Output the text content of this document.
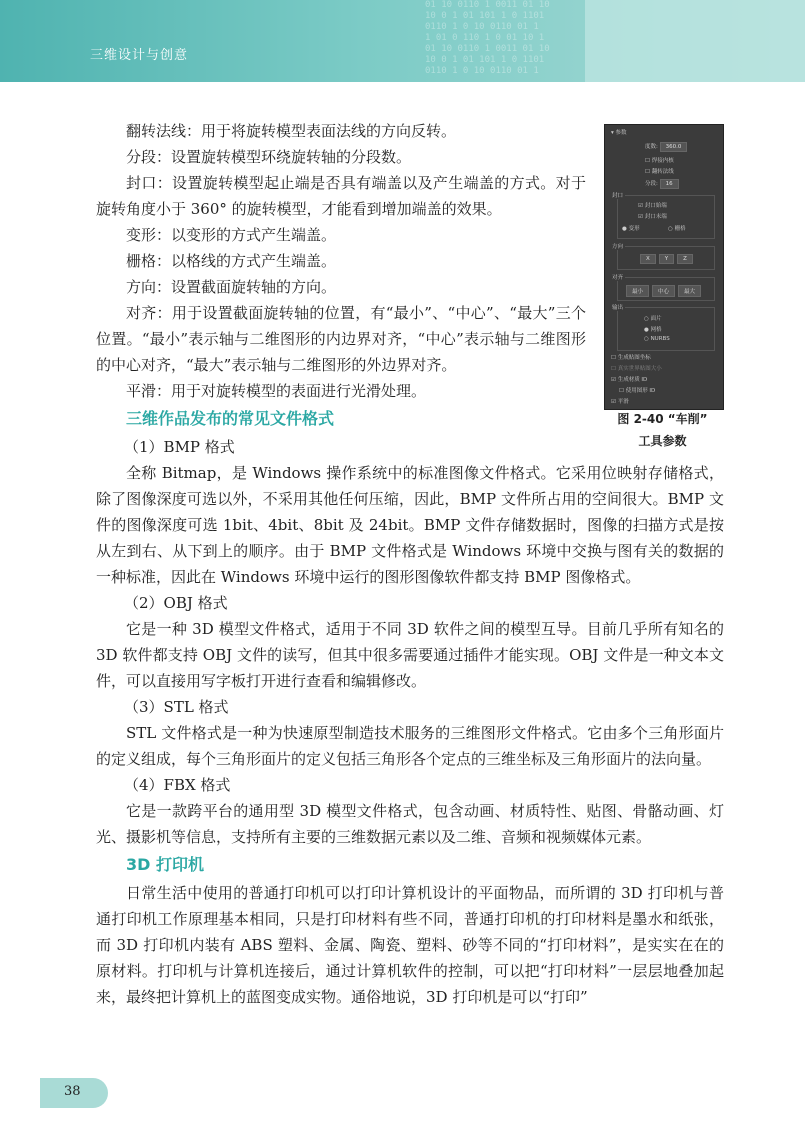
01 10 0110 1 0011 01 10
10 0 1 01 101 1 0 1101
0110 1 0 10 0110 01 1
1 01 0 110 1 0 01 10 1
01 10 0110 1 0011 01 10
10 0 1 01 101 1 0 1101
0110 1 0 10 0110 01 1
三维设计与创意
▾ 参数
度数: 360.0
☐ 焊接内核
☐ 翻转法线
分段: 16
封口
☑ 封口始端
☑ 封口末端
● 变形	○ 栅格
方向
X	Y	Z
对齐
最小	中心	最大
输出
○ 面片
● 网格
○ NURBS
☐ 生成贴图坐标
☐ 真实世界贴图大小
☑ 生成材质 ID
☐ 使用图形 ID
☑ 平滑
图 2-40 “车削”
工具参数

翻转法线：用于将旋转模型表面法线的方向反转。

分段：设置旋转模型环绕旋转轴的分段数。

封口：设置旋转模型起止端是否具有端盖以及产生端盖的方式。对于旋转角度小于 360° 的旋转模型，才能看到增加端盖的效果。

变形：以变形的方式产生端盖。

栅格：以格线的方式产生端盖。

方向：设置截面旋转轴的方向。

对齐：用于设置截面旋转轴的位置，有“最小”、“中心”、“最大”三个位置。“最小”表示轴与二维图形的内边界对齐，“中心”表示轴与二维图形的中心对齐，“最大”表示轴与二维图形的外边界对齐。

平滑：用于对旋转模型的表面进行光滑处理。

三维作品发布的常见文件格式

（1）BMP 格式

全称 Bitmap，是 Windows 操作系统中的标准图像文件格式。它采用位映射存储格式，除了图像深度可选以外，不采用其他任何压缩，因此，BMP 文件所占用的空间很大。BMP 文件的图像深度可选 1bit、4bit、8bit 及 24bit。BMP 文件存储数据时，图像的扫描方式是按从左到右、从下到上的顺序。由于 BMP 文件格式是 Windows 环境中交换与图有关的数据的一种标准，因此在 Windows 环境中运行的图形图像软件都支持 BMP 图像格式。

（2）OBJ 格式

它是一种 3D 模型文件格式，适用于不同 3D 软件之间的模型互导。目前几乎所有知名的 3D 软件都支持 OBJ 文件的读写，但其中很多需要通过插件才能实现。OBJ 文件是一种文本文件，可以直接用写字板打开进行查看和编辑修改。

（3）STL 格式

STL 文件格式是一种为快速原型制造技术服务的三维图形文件格式。它由多个三角形面片的定义组成，每个三角形面片的定义包括三角形各个定点的三维坐标及三角形面片的法向量。

（4）FBX 格式

它是一款跨平台的通用型 3D 模型文件格式，包含动画、材质特性、贴图、骨骼动画、灯光、摄影机等信息，支持所有主要的三维数据元素以及二维、音频和视频媒体元素。

3D 打印机

日常生活中使用的普通打印机可以打印计算机设计的平面物品，而所谓的 3D 打印机与普通打印机工作原理基本相同，只是打印材料有些不同，普通打印机的打印材料是墨水和纸张，而 3D 打印机内装有 ABS 塑料、金属、陶瓷、塑料、砂等不同的“打印材料”，是实实在在的原材料。打印机与计算机连接后，通过计算机软件的控制，可以把“打印材料”一层层地叠加起来，最终把计算机上的蓝图变成实物。通俗地说，3D 打印机是可以“打印”

38
